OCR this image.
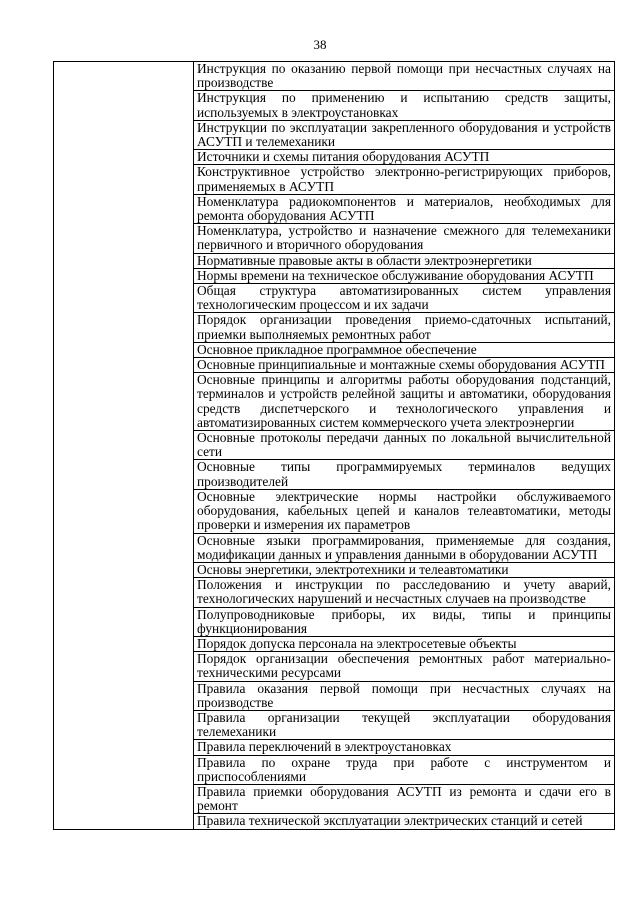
38
	Инструкция по оказанию первой помощи при несчастных случаях на производстве
Инструкция по применению и испытанию средств защиты, используемых в электроустановках
Инструкции по эксплуатации закрепленного оборудования и устройств АСУТП и телемеханики
Источники и схемы питания оборудования АСУТП
Конструктивное устройство электронно-регистрирующих приборов, применяемых в АСУТП
Номенклатура радиокомпонентов и материалов, необходимых для ремонта оборудования АСУТП
Номенклатура, устройство и назначение смежного для телемеханики первичного и вторичного оборудования
Нормативные правовые акты в области электроэнергетики
Нормы времени на техническое обслуживание оборудования АСУТП
Общая структура автоматизированных систем управления технологическим процессом и их задачи
Порядок организации проведения приемо-сдаточных испытаний, приемки выполняемых ремонтных работ
Основное прикладное программное обеспечение
Основные принципиальные и монтажные схемы оборудования АСУТП
Основные принципы и алгоритмы работы оборудования подстанций, терминалов и устройств релейной защиты и автоматики, оборудования средств диспетчерского и технологического управления и автоматизированных систем коммерческого учета электроэнергии
Основные протоколы передачи данных по локальной вычислительной сети
Основные типы программируемых терминалов ведущих производителей
Основные электрические нормы настройки обслуживаемого оборудования, кабельных цепей и каналов телеавтоматики, методы проверки и измерения их параметров
Основные языки программирования, применяемые для создания, модификации данных и управления данными в оборудовании АСУТП
Основы энергетики, электротехники и телеавтоматики
Положения и инструкции по расследованию и учету аварий, технологических нарушений и несчастных случаев на производстве
Полупроводниковые приборы, их виды, типы и принципы функционирования
Порядок допуска персонала на электросетевые объекты
Порядок организации обеспечения ремонтных работ материально-техническими ресурсами
Правила оказания первой помощи при несчастных случаях на производстве
Правила организации текущей эксплуатации оборудования телемеханики
Правила переключений в электроустановках
Правила по охране труда при работе с инструментом и приспособлениями
Правила приемки оборудования АСУТП из ремонта и сдачи его в ремонт
Правила технической эксплуатации электрических станций и сетей
